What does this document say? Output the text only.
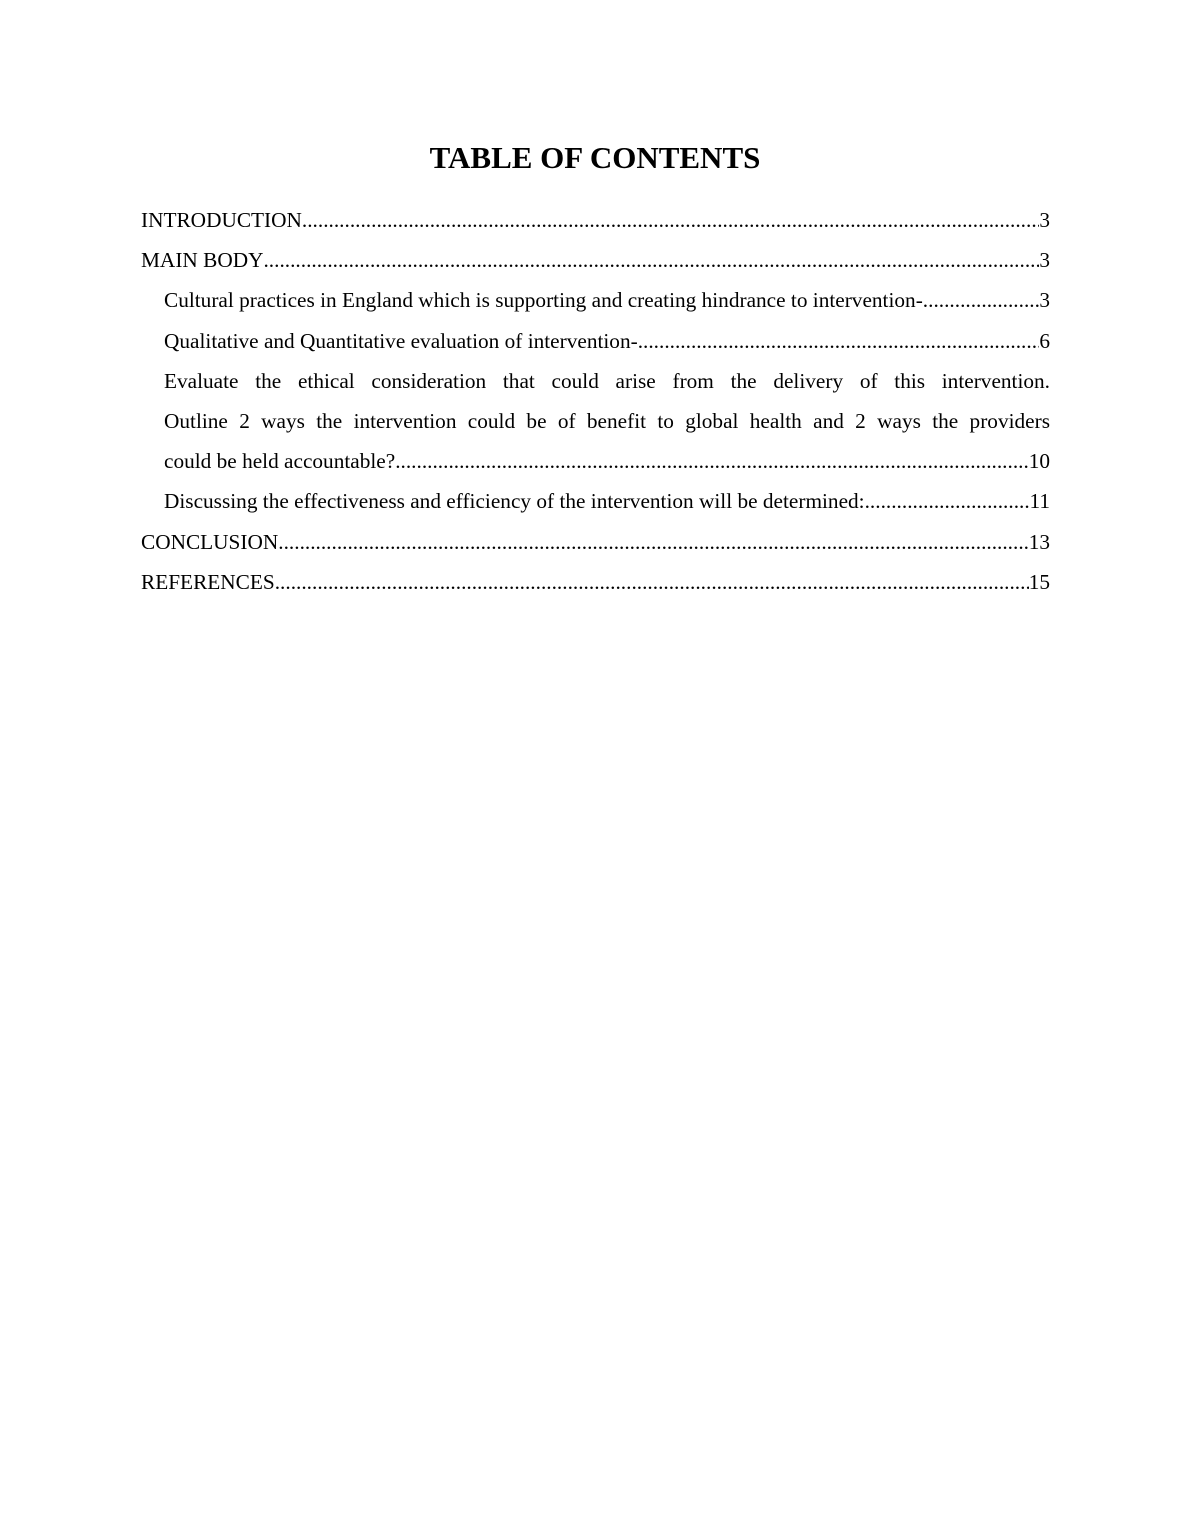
TABLE OF CONTENTS
INTRODUCTION .....	3
MAIN BODY .....	3
Cultural practices in England which is supporting and creating hindrance to intervention- .....	3
Qualitative and Quantitative evaluation of intervention- .....	6
Evaluate the ethical consideration that could arise from the delivery of this intervention.
Outline 2 ways the intervention could be of benefit to global health and 2 ways the providers
could be held accountable? .....	10
Discussing the effectiveness and efficiency of the intervention will be determined: .....	11
CONCLUSION .....	13
REFERENCES .....	15
